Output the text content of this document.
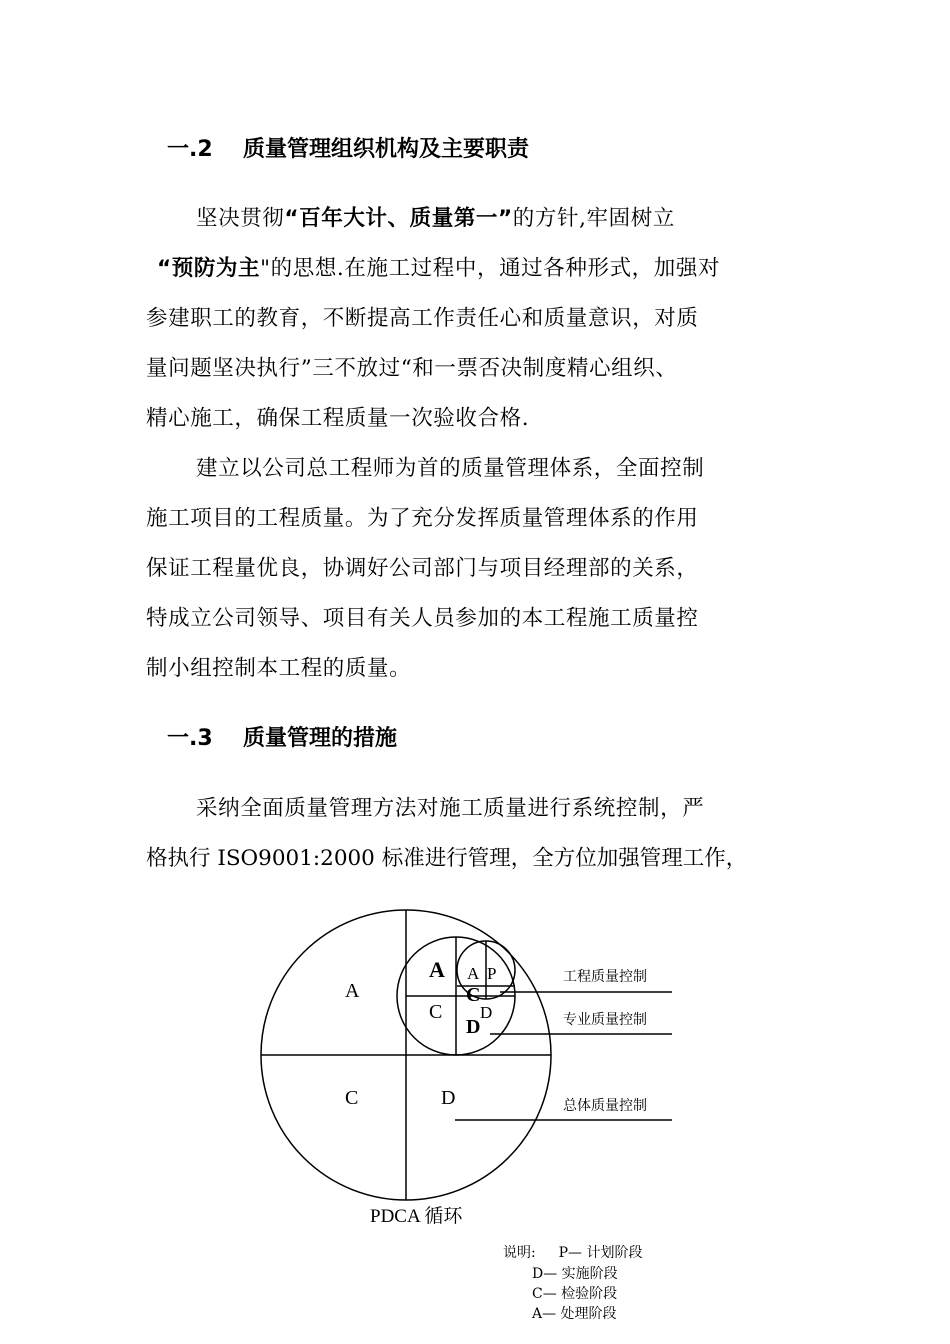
一.2 质量管理组织机构及主要职责
坚决贯彻“百年大计、质量第一”的方针,牢固树立
“预防为主"的思想.在施工过程中，通过各种形式，加强对
参建职工的教育，不断提高工作责任心和质量意识，对质
量问题坚决执行”三不放过“和一票否决制度精心组织、
精心施工，确保工程质量一次验收合格.
建立以公司总工程师为首的质量管理体系，全面控制
施工项目的工程质量。为了充分发挥质量管理体系的作用
保证工程量优良，协调好公司部门与项目经理部的关系，
特成立公司领导、项目有关人员参加的本工程施工质量控
制小组控制本工程的质量。
一.3 质量管理的措施
采纳全面质量管理方法对施工质量进行系统控制，严
格执行 ISO9001:2000 标准进行管理，全方位加强管理工作，
A
C	D
A
C
D
A P
C
D
工程质量控制
专业质量控制
总体质量控制
PDCA 循环
说明: P— 计划阶段
D— 实施阶段
C— 检验阶段
A— 处理阶段
